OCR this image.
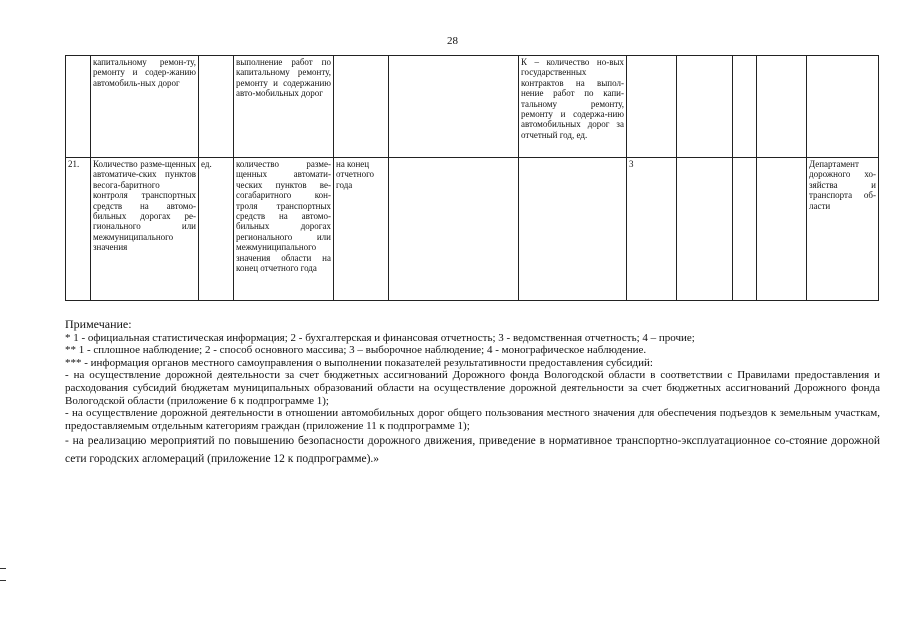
28
	капитальному ремон-ту, ремонту и содер-жанию автомобиль-ных дорог		выполнение работ по капитальному ремонту, ремонту и содержанию авто-мобильных дорог			К – количество но-вых государственных контрактов на выпол-нение работ по капи-тальному ремонту, ремонту и содержа-нию автомобильных дорог за отчетный год, ед.					
21.	Количество разме-щенных автоматиче-ских пунктов весога-баритного контроля транспортных средств на автомо-бильных дорогах ре-гионального или межмуниципального значения	ед.	количество разме-щенных автомати-ческих пунктов ве-согабаритного кон-троля транспортных средств на автомо-бильных дорогах регионального или межмуниципального значения области на конец отчетного года	на конец отчетного года			3				Департамент дорожного хо-зяйства и транспорта об-ласти
Примечание:
* 1 - официальная статистическая информация; 2 - бухгалтерская и финансовая отчетность; 3 - ведомственная отчетность; 4 – прочие;
** 1 - сплошное наблюдение; 2 - способ основного массива; 3 – выборочное наблюдение; 4 - монографическое наблюдение.
*** - информация органов местного самоуправления о выполнении показателей результативности предоставления субсидий:
- на осуществление дорожной деятельности за счет бюджетных ассигнований Дорожного фонда Вологодской области в соответствии с Правилами предоставления и расходования субсидий бюджетам муниципальных образований области на осуществление дорожной деятельности за счет бюджетных ассигнований Дорожного фонда Вологодской области (приложение 6 к подпрограмме 1);
- на осуществление дорожной деятельности в отношении автомобильных дорог общего пользования местного значения для обеспечения подъездов к земельным участкам, предоставляемым отдельным категориям граждан (приложение 11 к подпрограмме 1);
- на реализацию мероприятий по повышению безопасности дорожного движения, приведение в нормативное транспортно-эксплуатационное со-стояние дорожной сети городских агломераций (приложение 12 к подпрограмме).»
